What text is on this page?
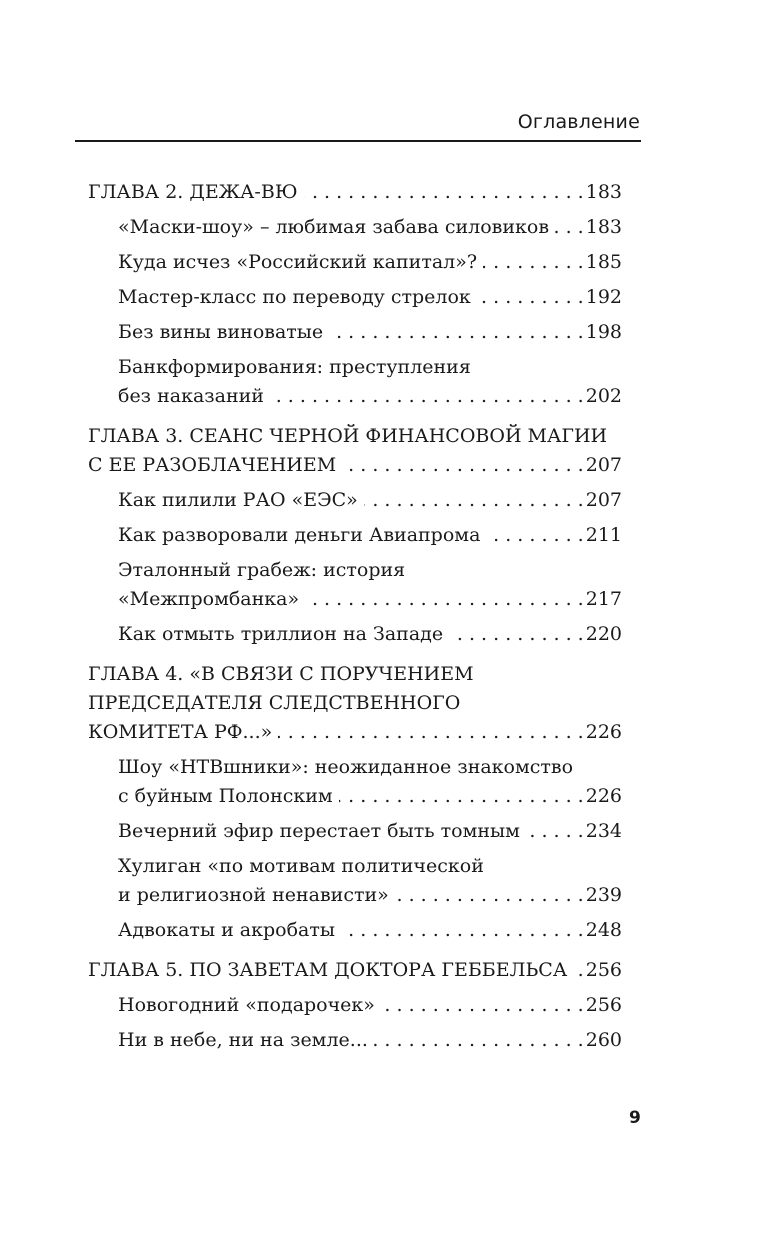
Оглавление
ГЛАВА 2. ДЕЖА-ВЮ . . .	183
«Маски-шоу» – любимая забава силовиков . . .	183
Куда исчез «Российский капитал»? . . .	185
Мастер-класс по переводу стрелок . . .	192
Без вины виноватые . . .	198
Банкформирования: преступления
без наказаний . . .	202
ГЛАВА 3. СЕАНС ЧЕРНОЙ ФИНАНСОВОЙ МАГИИ
С ЕЕ РАЗОБЛАЧЕНИЕМ . . .	207
Как пилили РАО «ЕЭС» . . .	207
Как разворовали деньги Авиапрома . . .	211
Эталонный грабеж: история
«Межпромбанка» . . .	217
Как отмыть триллион на Западе . . .	220
ГЛАВА 4. «В СВЯЗИ С ПОРУЧЕНИЕМ
ПРЕДСЕДАТЕЛЯ СЛЕДСТВЕННОГО
КОМИТЕТА РФ...» . . .	226
Шоу «НТВшники»: неожиданное знакомство
с буйным Полонским . . .	226
Вечерний эфир перестает быть томным . . .	234
Хулиган «по мотивам политической
и религиозной ненависти» . . .	239
Адвокаты и акробаты . . .	248
ГЛАВА 5. ПО ЗАВЕТАМ ДОКТОРА ГЕББЕЛЬСА . . . 256
Новогодний «подарочек» . . .	256
Ни в небе, ни на земле... . . .	260
9
